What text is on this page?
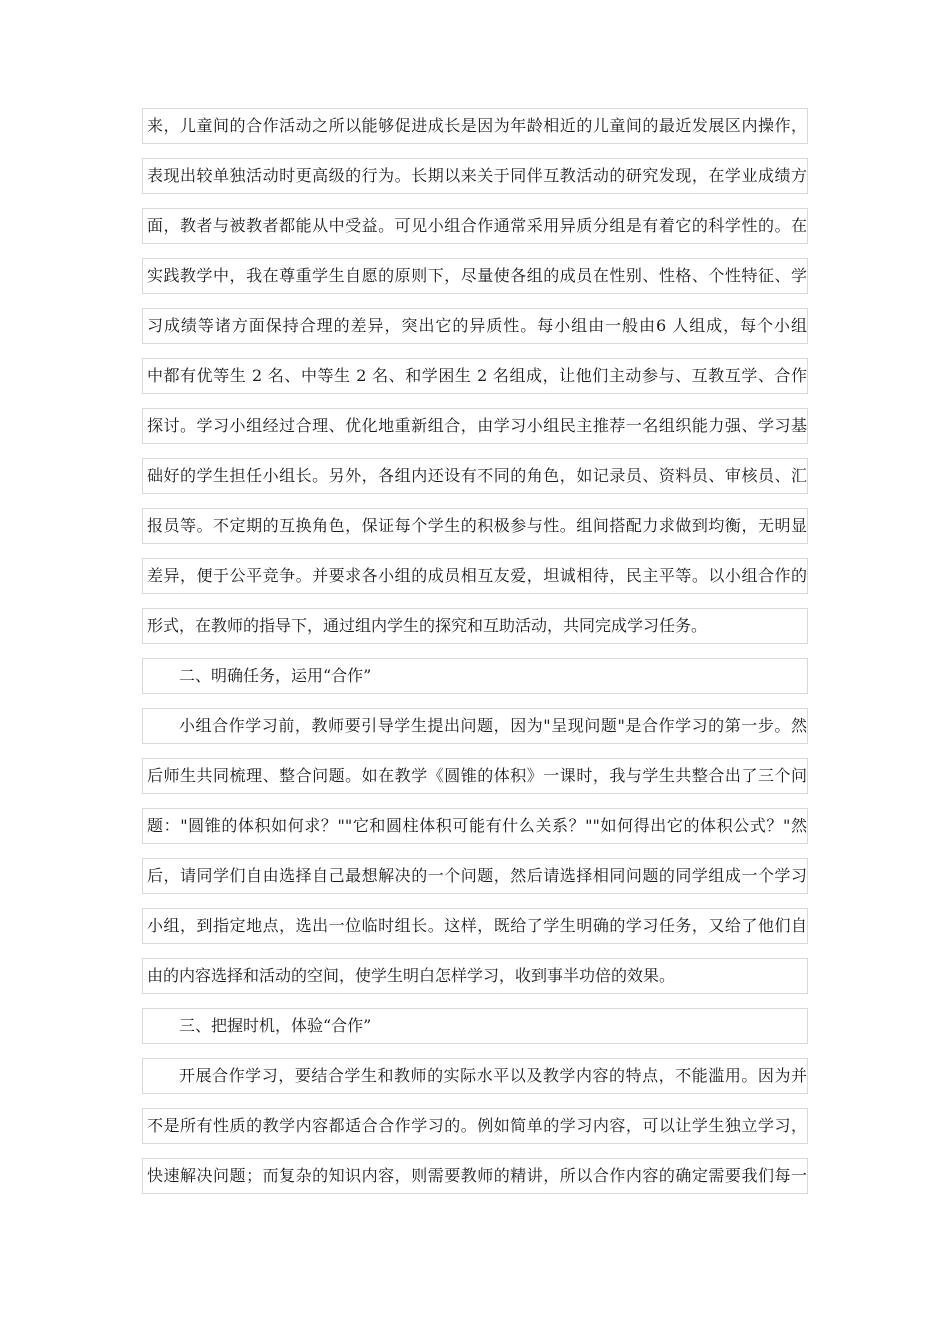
来，儿童间的合作活动之所以能够促进成长是因为年龄相近的儿童间的最近发展区内操作，
表现出较单独活动时更高级的行为。长期以来关于同伴互教活动的研究发现，在学业成绩方
面，教者与被教者都能从中受益。可见小组合作通常采用异质分组是有着它的科学性的。在
实践教学中，我在尊重学生自愿的原则下，尽量使各组的成员在性别、性格、个性特征、学
习成绩等诸方面保持合理的差异，突出它的异质性。每小组由一般由6 人组成，每个小组
中都有优等生 2 名、中等生 2 名、和学困生 2 名组成，让他们主动参与、互教互学、合作
探讨。学习小组经过合理、优化地重新组合，由学习小组民主推荐一名组织能力强、学习基
础好的学生担任小组长。另外，各组内还设有不同的角色，如记录员、资料员、审核员、汇
报员等。不定期的互换角色，保证每个学生的积极参与性。组间搭配力求做到均衡，无明显
差异，便于公平竞争。并要求各小组的成员相互友爱，坦诚相待，民主平等。以小组合作的
形式，在教师的指导下，通过组内学生的探究和互助活动，共同完成学习任务。
二、明确任务，运用“合作”
小组合作学习前，教师要引导学生提出问题，因为"呈现问题"是合作学习的第一步。然
后师生共同梳理、整合问题。如在教学《圆锥的体积》一课时，我与学生共整合出了三个问
题："圆锥的体积如何求？""它和圆柱体积可能有什么关系？""如何得出它的体积公式？"然
后，请同学们自由选择自己最想解决的一个问题，然后请选择相同问题的同学组成一个学习
小组，到指定地点，选出一位临时组长。这样，既给了学生明确的学习任务，又给了他们自
由的内容选择和活动的空间，使学生明白怎样学习，收到事半功倍的效果。
三、把握时机，体验“合作”
开展合作学习，要结合学生和教师的实际水平以及教学内容的特点，不能滥用。因为并
不是所有性质的教学内容都适合合作学习的。例如简单的学习内容，可以让学生独立学习，
快速解决问题；而复杂的知识内容，则需要教师的精讲，所以合作内容的确定需要我们每一
